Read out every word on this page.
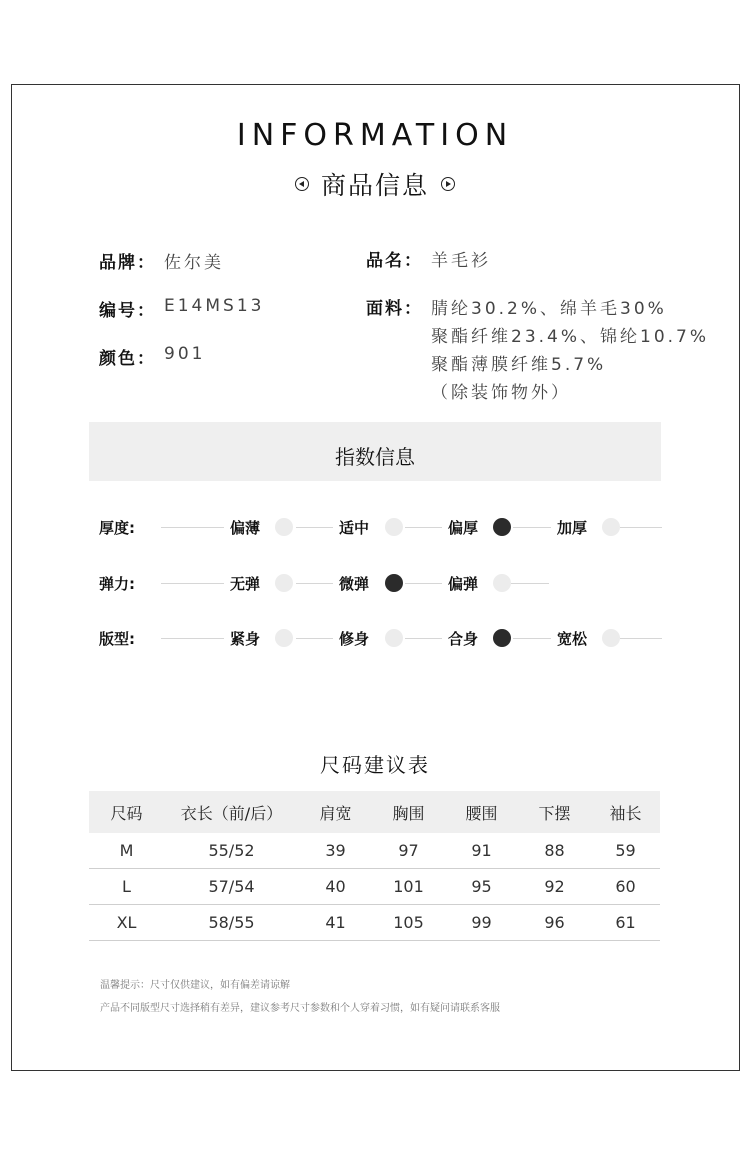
INFORMATION
商品信息
品牌： 佐尔美	品名： 羊毛衫
编号： E14MS13	面料： 腈纶30.2%、绵羊毛30%
聚酯纤维23.4%、锦纶10.7%
聚酯薄膜纤维5.7%
（除装饰物外）
颜色： 901
指数信息
厚度:	偏薄	适中	偏厚	加厚
弹力:	无弹	微弹	偏弹
版型:	紧身	修身	合身	宽松
尺码建议表
尺码	衣长（前/后）	肩宽	胸围	腰围	下摆	袖长
M	55/52	39	97	91	88	59
L	57/54	40	101	95	92	60
XL	58/55	41	105	99	96	61
温馨提示：尺寸仅供建议，如有偏差请谅解
产品不同版型尺寸选择稍有差异，建议参考尺寸参数和个人穿着习惯，如有疑问请联系客服
